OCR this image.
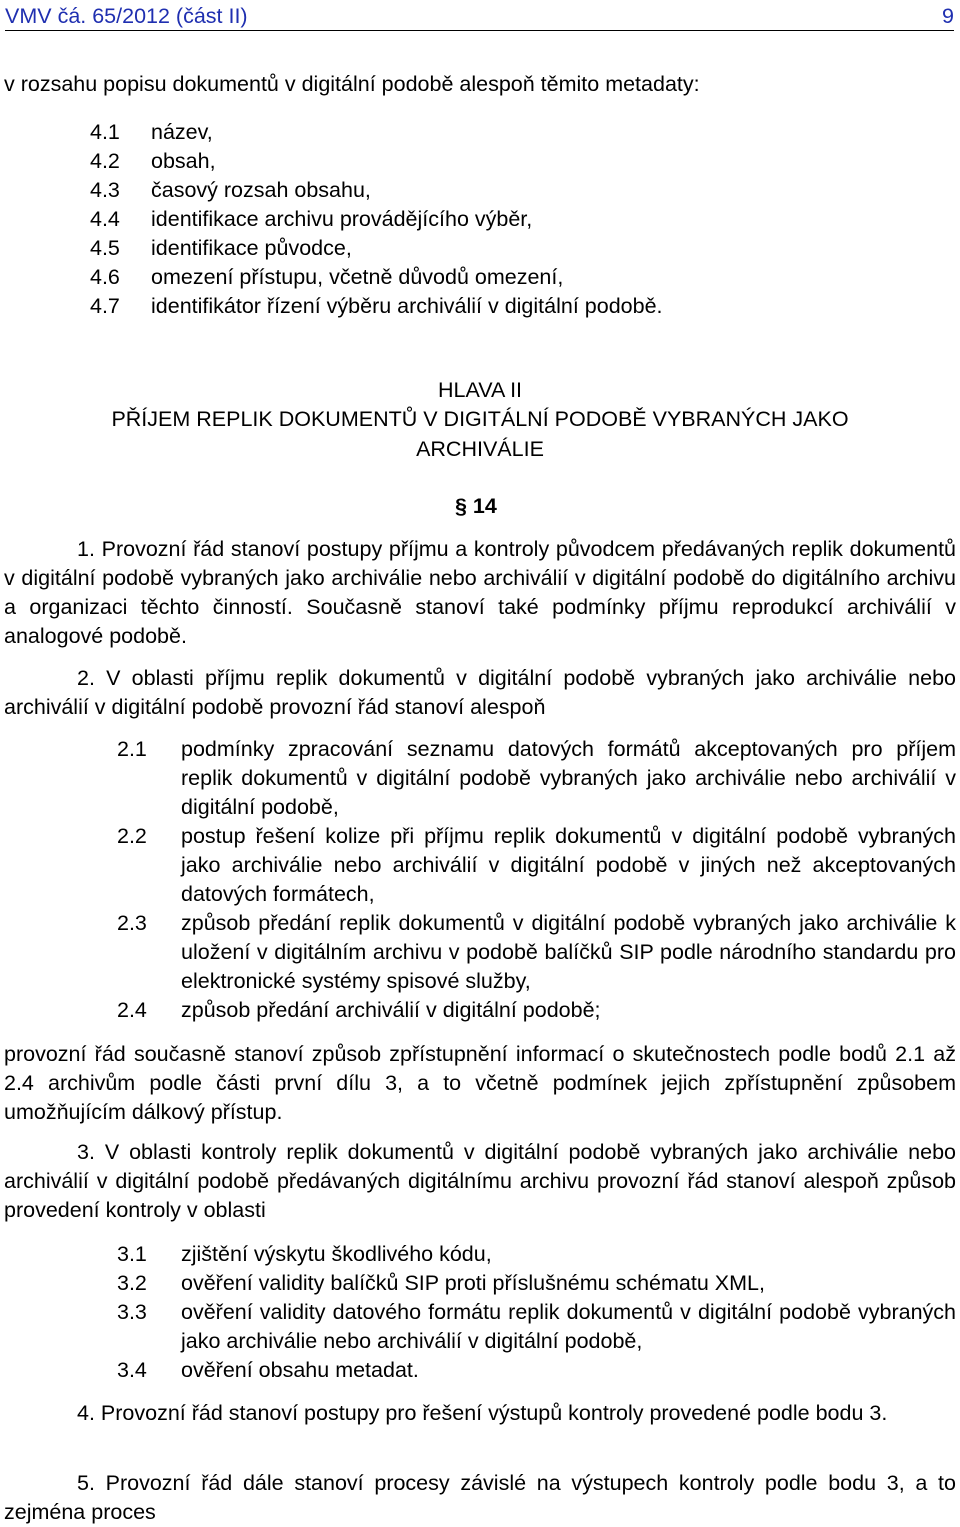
VMV čá. 65/2012 (část II)	9

v rozsahu popisu dokumentů v digitální podobě alespoň těmito metadaty:

4.1	název,
4.2	obsah,
4.3	časový rozsah obsahu,
4.4	identifikace archivu provádějícího výběr,
4.5	identifikace původce,
4.6	omezení přístupu, včetně důvodů omezení,
4.7	identifikátor řízení výběru archiválií v digitální podobě.

HLAVA II

PŘÍJEM REPLIK DOKUMENTŮ V DIGITÁLNÍ PODOBĚ VYBRANÝCH JAKO

ARCHIVÁLIE

§ 14

1. Provozní řád stanoví postupy příjmu a kontroly původcem předávaných replik dokumentů v digitální podobě vybraných jako archiválie nebo archiválií v digitální podobě do digitálního archivu a organizaci těchto činností. Současně stanoví také podmínky příjmu reprodukcí archiválií v analogové podobě.

2. V oblasti příjmu replik dokumentů v digitální podobě vybraných jako archiválie nebo archiválií v digitální podobě provozní řád stanoví alespoň

2.1	podmínky zpracování seznamu datových formátů akceptovaných pro příjem replik dokumentů v digitální podobě vybraných jako archiválie nebo archiválií v digitální podobě,
2.2	postup řešení kolize při příjmu replik dokumentů v digitální podobě vybraných jako archiválie nebo archiválií v digitální podobě v jiných než akceptovaných datových formátech,
2.3	způsob předání replik dokumentů v digitální podobě vybraných jako archiválie k uložení v digitálním archivu v podobě balíčků SIP podle národního standardu pro elektronické systémy spisové služby,
2.4	způsob předání archiválií v digitální podobě;

provozní řád současně stanoví způsob zpřístupnění informací o skutečnostech podle bodů 2.1 až 2.4 archivům podle části první dílu 3, a to včetně podmínek jejich zpřístupnění způsobem umožňujícím dálkový přístup.

3. V oblasti kontroly replik dokumentů v digitální podobě vybraných jako archiválie nebo archiválií v digitální podobě předávaných digitálnímu archivu provozní řád stanoví alespoň způsob provedení kontroly v oblasti

3.1	zjištění výskytu škodlivého kódu,
3.2	ověření validity balíčků SIP proti příslušnému schématu XML,
3.3	ověření validity datového formátu replik dokumentů v digitální podobě vybraných jako archiválie nebo archiválií v digitální podobě,
3.4	ověření obsahu metadat.

4. Provozní řád stanoví postupy pro řešení výstupů kontroly provedené podle bodu 3.

5. Provozní řád dále stanoví procesy závislé na výstupech kontroly podle bodu 3, a to zejména proces
